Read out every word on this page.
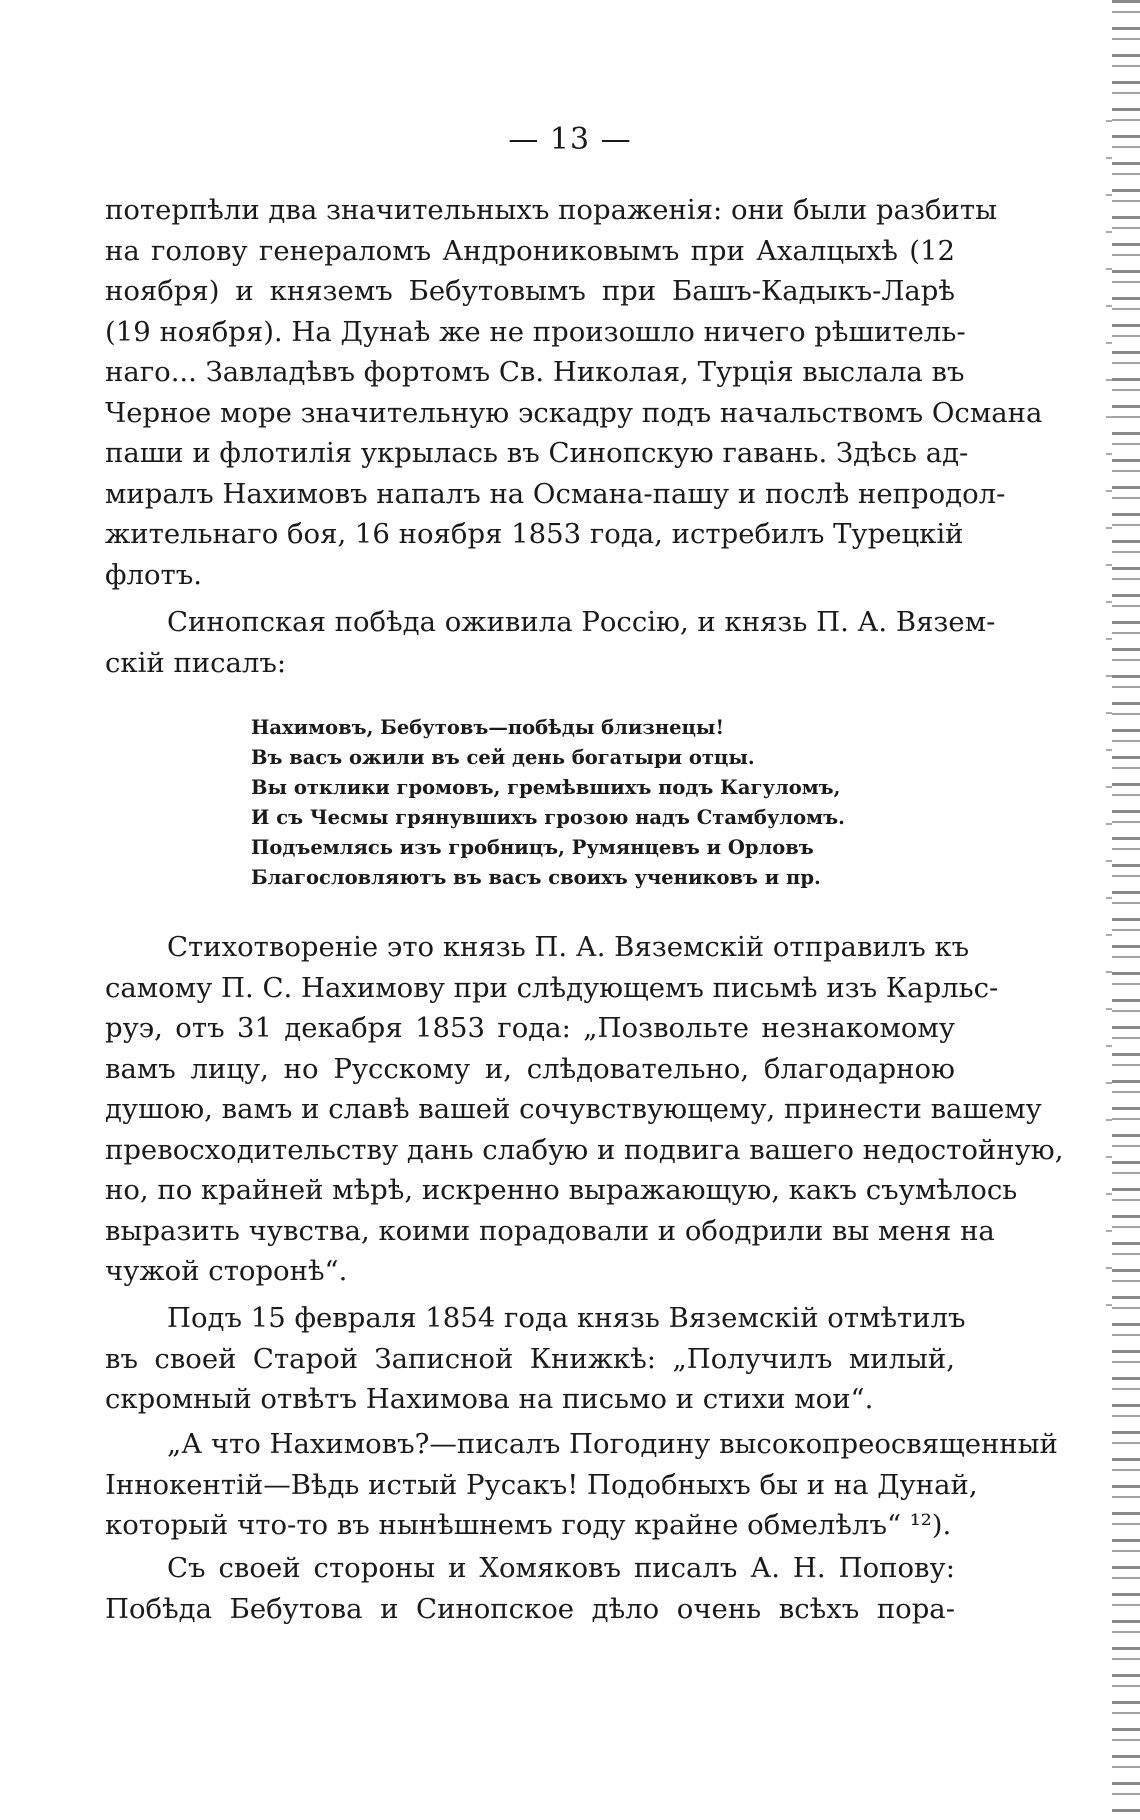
— 13 —
потерпѣли два значительныхъ пораженія: они были разбиты
на голову генераломъ Андрониковымъ при Ахалцыхѣ (12
ноября) и княземъ Бебутовымъ при Башъ-Кадыкъ-Ларѣ
(19 ноября). На Дунаѣ же не произошло ничего рѣшитель-
наго... Завладѣвъ фортомъ Св. Николая, Турція выслала въ
Черное море значительную эскадру подъ начальствомъ Османа
паши и флотилія укрылась въ Синопскую гавань. Здѣсь ад-
миралъ Нахимовъ напалъ на Османа-пашу и послѣ непродол-
жительнаго боя, 16 ноября 1853 года, истребилъ Турецкій
флотъ.
Синопская побѣда оживила Россію, и князь П. А. Вязем-
скій писалъ:
Нахимовъ, Бебутовъ—побѣды близнецы!
Въ васъ ожили въ сей день богатыри отцы.
Вы отклики громовъ, гремѣвшихъ подъ Кагуломъ,
И съ Чесмы грянувшихъ грозою надъ Стамбуломъ.
Подъемлясь изъ гробницъ, Румянцевъ и Орловъ
Благословляютъ въ васъ своихъ учениковъ и пр.
Стихотвореніе это князь П. А. Вяземскій отправилъ къ
самому П. С. Нахимову при слѣдующемъ письмѣ изъ Карльс-
руэ, отъ 31 декабря 1853 года: „Позвольте незнакомому
вамъ лицу, но Русскому и, слѣдовательно, благодарною
душою, вамъ и славѣ вашей сочувствующему, принести вашему
превосходительству дань слабую и подвига вашего недостойную,
но, по крайней мѣрѣ, искренно выражающую, какъ съумѣлось
выразить чувства, коими порадовали и ободрили вы меня на
чужой сторонѣ“.
Подъ 15 февраля 1854 года князь Вяземскій отмѣтилъ
въ своей Старой Записной Книжкѣ: „Получилъ милый,
скромный отвѣтъ Нахимова на письмо и стихи мои“.
„А что Нахимовъ?—писалъ Погодину высокопреосвященный
Іннокентій—Вѣдь истый Русакъ! Подобныхъ бы и на Дунай,
который что-то въ нынѣшнемъ году крайне обмелѣлъ“ ¹²).
Съ своей стороны и Хомяковъ писалъ А. Н. Попову:
Побѣда Бебутова и Синопское дѣло очень всѣхъ пора-
